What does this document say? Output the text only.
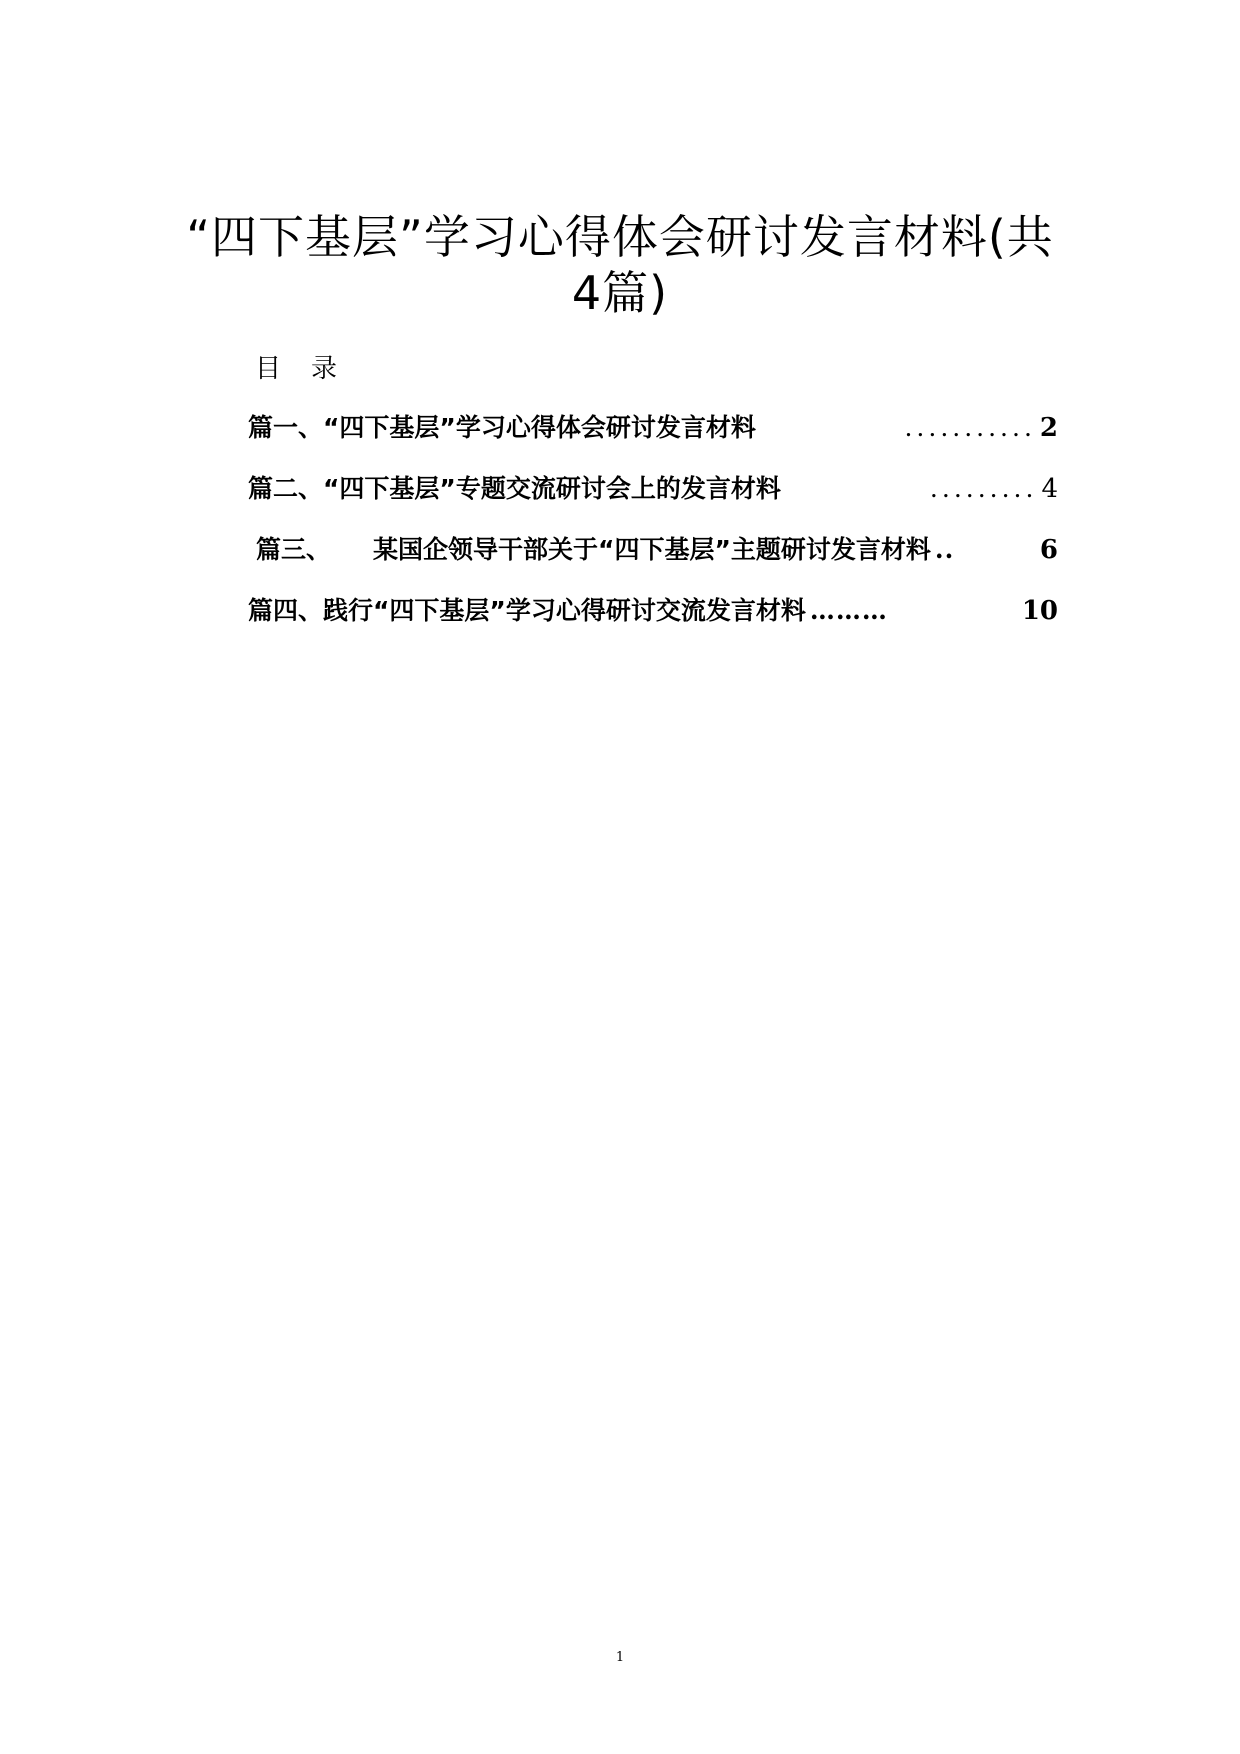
“四下基层”学习心得体会研讨发言材料(共
4篇)
目录
篇一、“四下基层”学习心得体会研讨发言材料	........... 2
篇二、“四下基层”专题交流研讨会上的发言材料	......... 4
篇三、 某国企领导干部关于“四下基层”主题研讨发言材料 ..	6
篇四、践行“四下基层”学习心得研讨交流发言材料 ………	10
1
